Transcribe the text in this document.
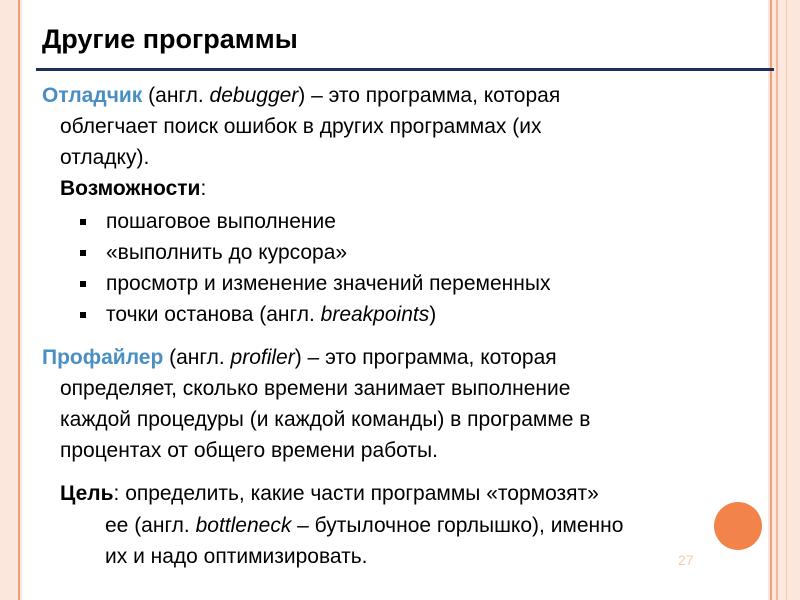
Другие программы

Отладчик (англ. debugger) – это программа, которая

облегчает поиск ошибок в других программах (их

отладку).

Возможности:

пошаговое выполнение
«выполнить до курсора»
просмотр и изменение значений переменных
точки останова (англ. breakpoints)

Профайлер (англ. profiler) – это программа, которая

определяет, сколько времени занимает выполнение

каждой процедуры (и каждой команды) в программе в

процентах от общего времени работы.

Цель: определить, какие части программы «тормозят»

ее (англ. bottleneck – бутылочное горлышко), именно

их и надо оптимизировать.	27
